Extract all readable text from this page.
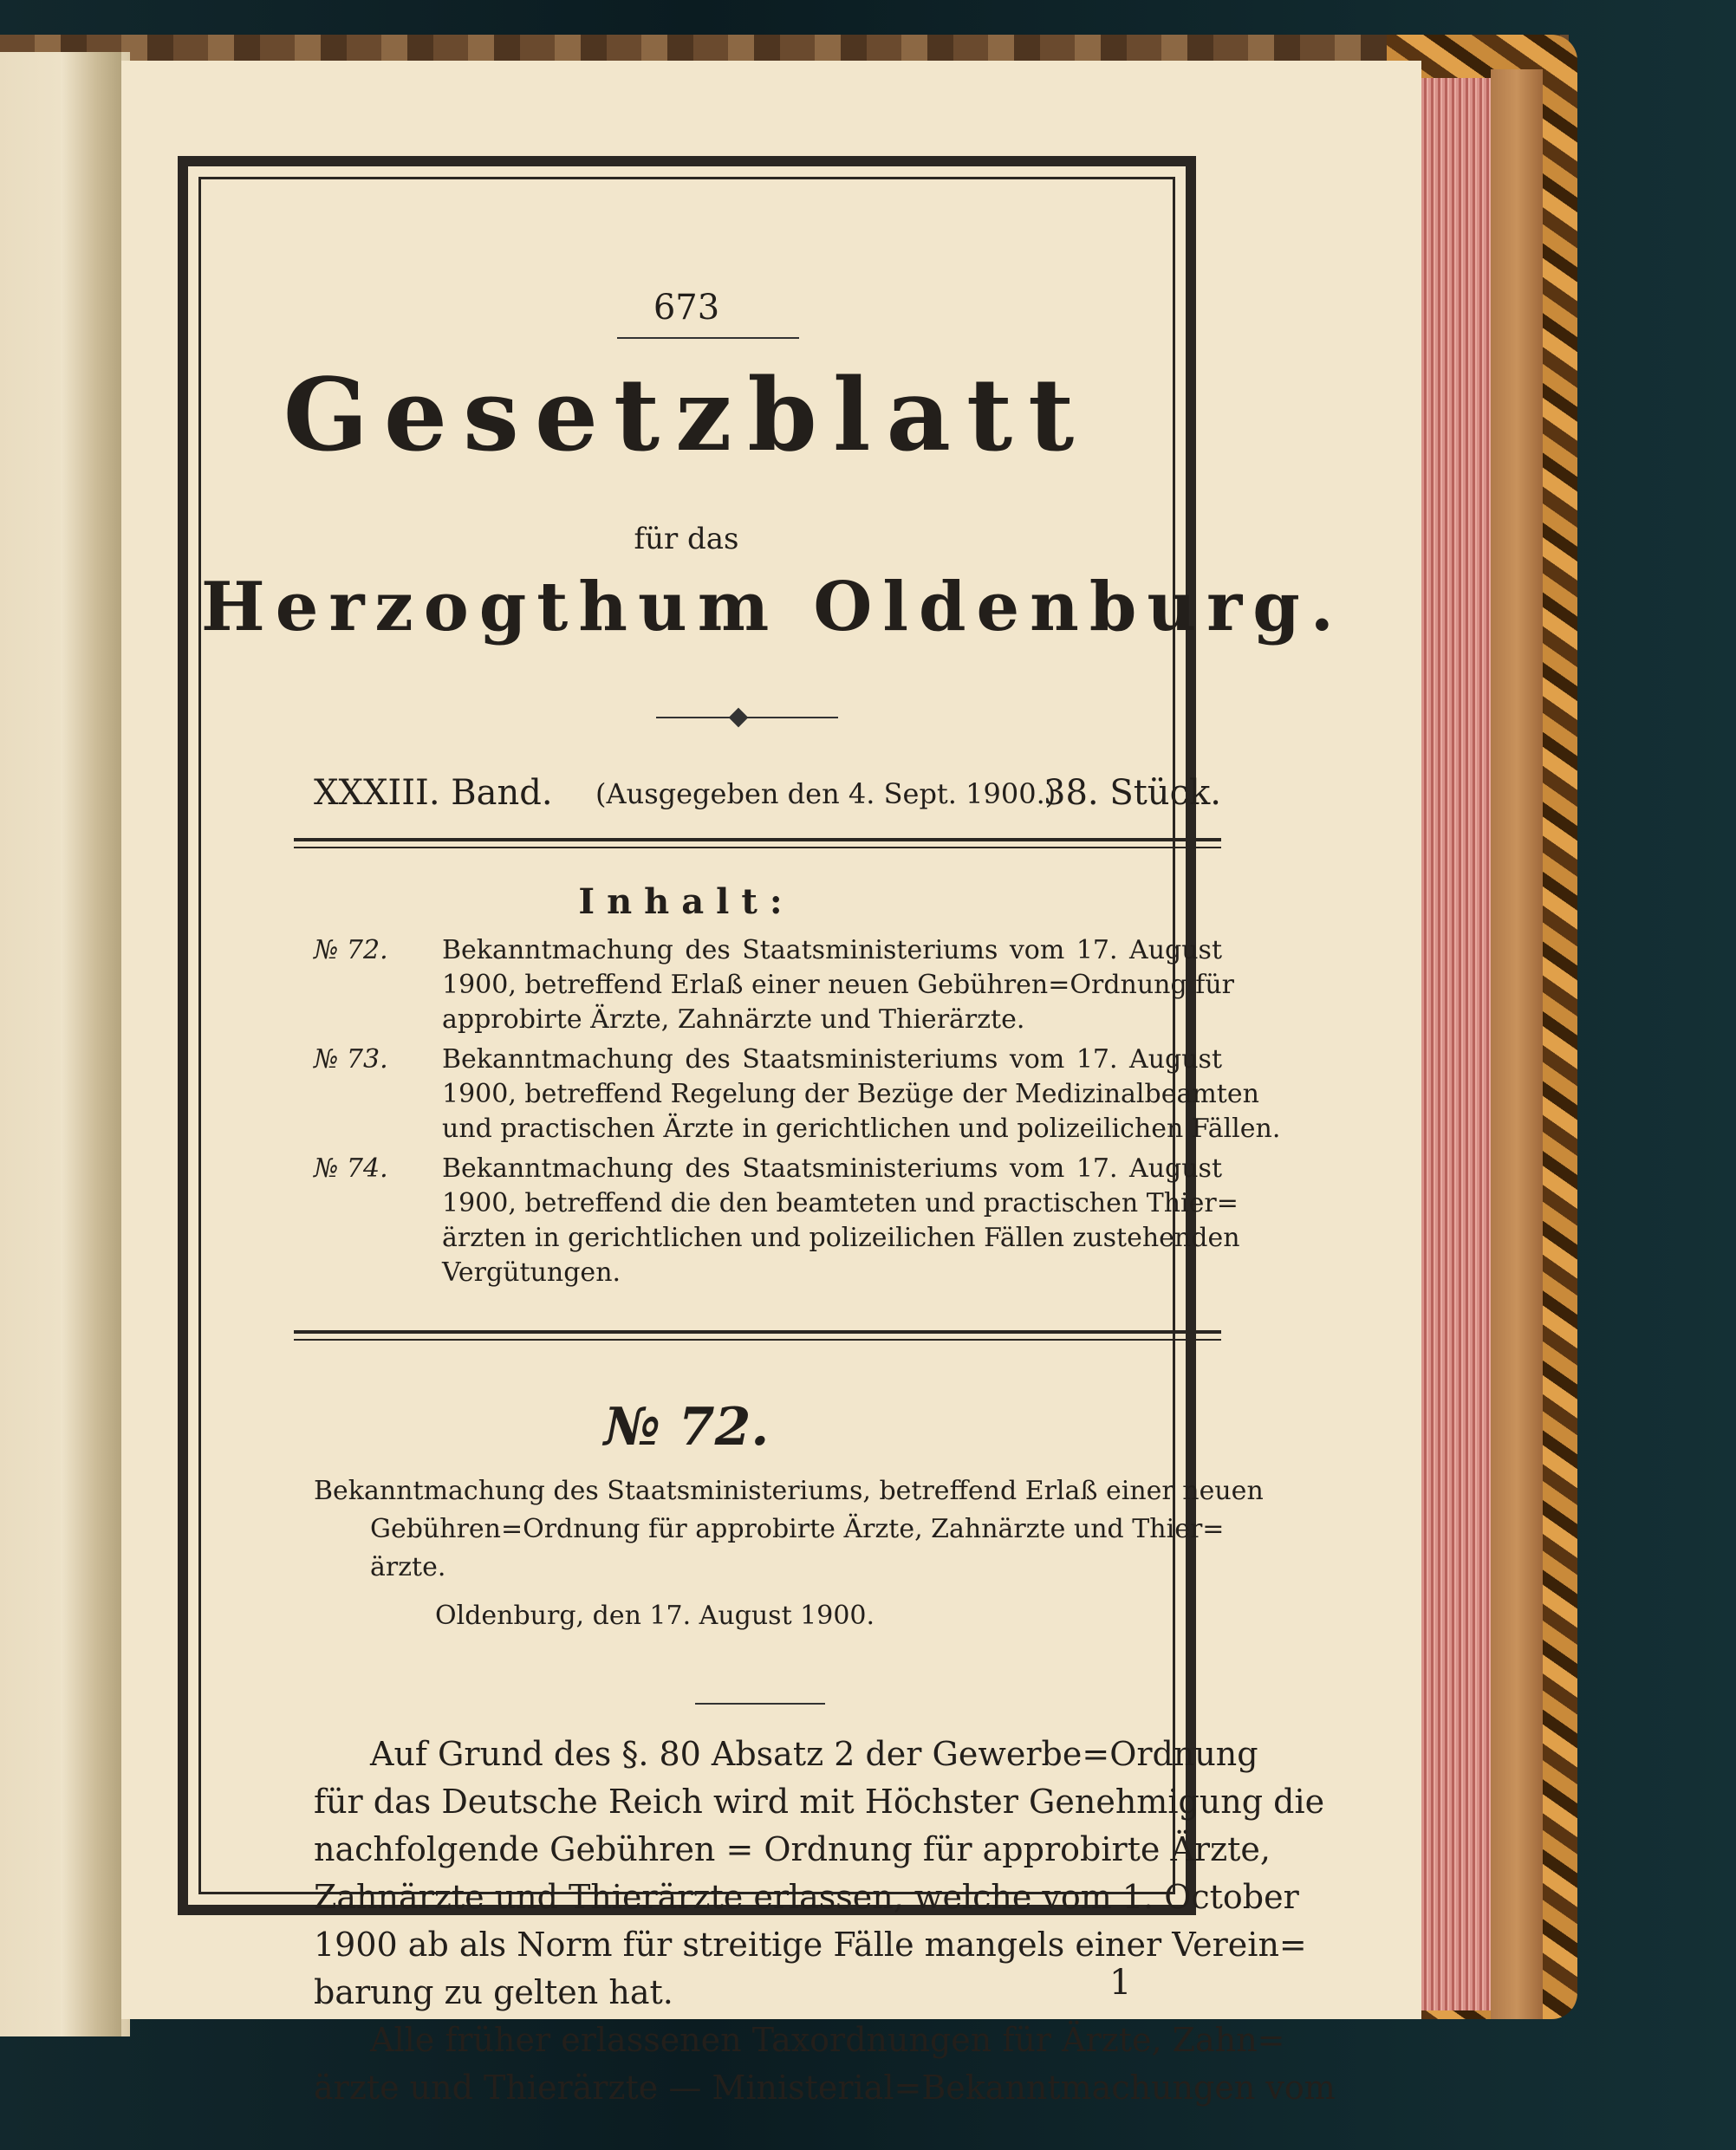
673
Gesetzblatt
für das
Herzogthum Oldenburg.
XXXIII. Band. (Ausgegeben den 4. Sept. 1900.)
38. Stück.
Inhalt:
№ 72. Bekanntmachung des Staatsministeriums vom 17. August
1900, betreffend Erlaß einer neuen Gebühren=Ordnung für
approbirte Ärzte, Zahnärzte und Thierärzte.
№ 73. Bekanntmachung des Staatsministeriums vom 17. August
1900, betreffend Regelung der Bezüge der Medizinalbeamten
und practischen Ärzte in gerichtlichen und polizeilichen Fällen.
№ 74. Bekanntmachung des Staatsministeriums vom 17. August
1900, betreffend die den beamteten und practischen Thier=
ärzten in gerichtlichen und polizeilichen Fällen zustehenden
Vergütungen.
№ 72.
Bekanntmachung des Staatsministeriums, betreffend Erlaß einer neuen
Gebühren=Ordnung für approbirte Ärzte, Zahnärzte und Thier=
ärzte.
Oldenburg, den 17. August 1900.
Auf Grund des §. 80 Absatz 2 der Gewerbe=Ordnung
für das Deutsche Reich wird mit Höchster Genehmigung die
nachfolgende Gebühren = Ordnung für approbirte Ärzte,
Zahnärzte und Thierärzte erlassen, welche vom 1. October
1900 ab als Norm für streitige Fälle mangels einer Verein=
barung zu gelten hat.
Alle früher erlassenen Taxordnungen für Ärzte, Zahn=
ärzte und Thierärzte — Ministerial=Bekanntmachungen vom
1
